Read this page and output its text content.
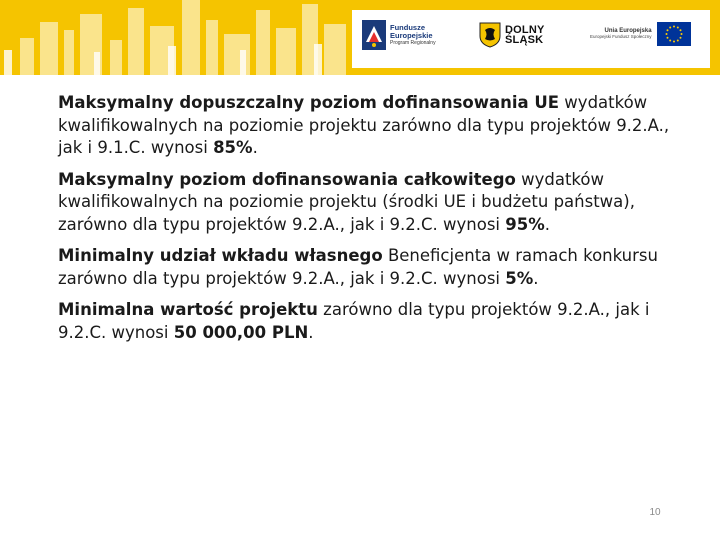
Fundusze
Europejskie
Program Regionalny
DOLNY
ŚLĄSK
Unia Europejska
Europejski Fundusz Społeczny

Maksymalny dopuszczalny poziom dofinansowania UE wydatków kwalifikowalnych na poziomie projektu zarówno dla typu projektów 9.2.A., jak i 9.1.C. wynosi 85%.

Maksymalny poziom dofinansowania całkowitego wydatków kwalifikowalnych na poziomie projektu (środki UE i budżetu państwa), zarówno dla typu projektów 9.2.A., jak i 9.2.C. wynosi 95%.

Minimalny udział wkładu własnego Beneficjenta w ramach konkursu zarówno dla typu projektów 9.2.A., jak i 9.2.C. wynosi 5%.

Minimalna wartość projektu zarówno dla typu projektów 9.2.A., jak i 9.2.C. wynosi 50 000,00 PLN.

10
